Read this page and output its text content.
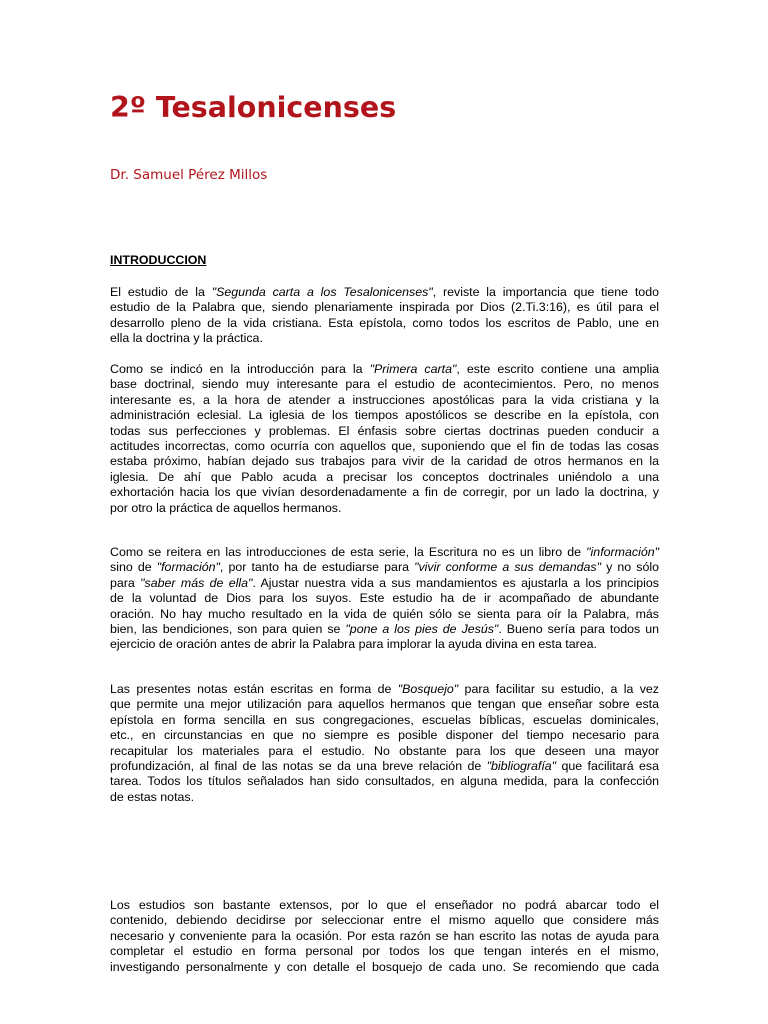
2º Tesalonicenses
Dr. Samuel Pérez Millos
INTRODUCCION

El estudio de la "Segunda carta a los Tesalonicenses", reviste la importancia que tiene todo
estudio de la Palabra que, siendo plenariamente inspirada por Dios (2.Ti.3:16), es útil para el
desarrollo pleno de la vida cristiana. Esta epístola, como todos los escritos de Pablo, une en
ella la doctrina y la práctica.

Como se indicó en la introducción para la "Primera carta", este escrito contiene una amplia
base doctrinal, siendo muy interesante para el estudio de acontecimientos. Pero, no menos
interesante es, a la hora de atender a instrucciones apostólicas para la vida cristiana y la
administración eclesial. La iglesia de los tiempos apostólicos se describe en la epístola, con
todas sus perfecciones y problemas. El énfasis sobre ciertas doctrinas pueden conducir a
actitudes incorrectas, como ocurría con aquellos que, suponiendo que el fin de todas las cosas
estaba próximo, habían dejado sus trabajos para vivir de la caridad de otros hermanos en la
iglesia. De ahí que Pablo acuda a precisar los conceptos doctrinales uniéndolo a una
exhortación hacia los que vivían desordenadamente a fin de corregir, por un lado la doctrina, y
por otro la práctica de aquellos hermanos.

Como se reitera en las introducciones de esta serie, la Escritura no es un libro de "información"
sino de "formación", por tanto ha de estudiarse para "vivir conforme a sus demandas" y no sólo
para "saber más de ella". Ajustar nuestra vida a sus mandamientos es ajustarla a los principios
de la voluntad de Dios para los suyos. Este estudio ha de ir acompañado de abundante
oración. No hay mucho resultado en la vida de quién sólo se sienta para oír la Palabra, más
bien, las bendiciones, son para quien se "pone a los pies de Jesús". Bueno sería para todos un
ejercicio de oración antes de abrir la Palabra para implorar la ayuda divina en esta tarea.

Las presentes notas están escritas en forma de "Bosquejo" para facilitar su estudio, a la vez
que permite una mejor utilización para aquellos hermanos que tengan que enseñar sobre esta
epístola en forma sencilla en sus congregaciones, escuelas bíblicas, escuelas dominicales,
etc., en circunstancias en que no siempre es posible disponer del tiempo necesario para
recapitular los materiales para el estudio. No obstante para los que deseen una mayor
profundización, al final de las notas se da una breve relación de "bibliografía" que facilitará esa
tarea. Todos los títulos señalados han sido consultados, en alguna medida, para la confección
de estas notas.

Los estudios son bastante extensos, por lo que el enseñador no podrá abarcar todo el
contenido, debiendo decidirse por seleccionar entre el mismo aquello que considere más
necesario y conveniente para la ocasión. Por esta razón se han escrito las notas de ayuda para
completar el estudio en forma personal por todos los que tengan interés en el mismo,
investigando personalmente y con detalle el bosquejo de cada uno. Se recomiendo que cada
